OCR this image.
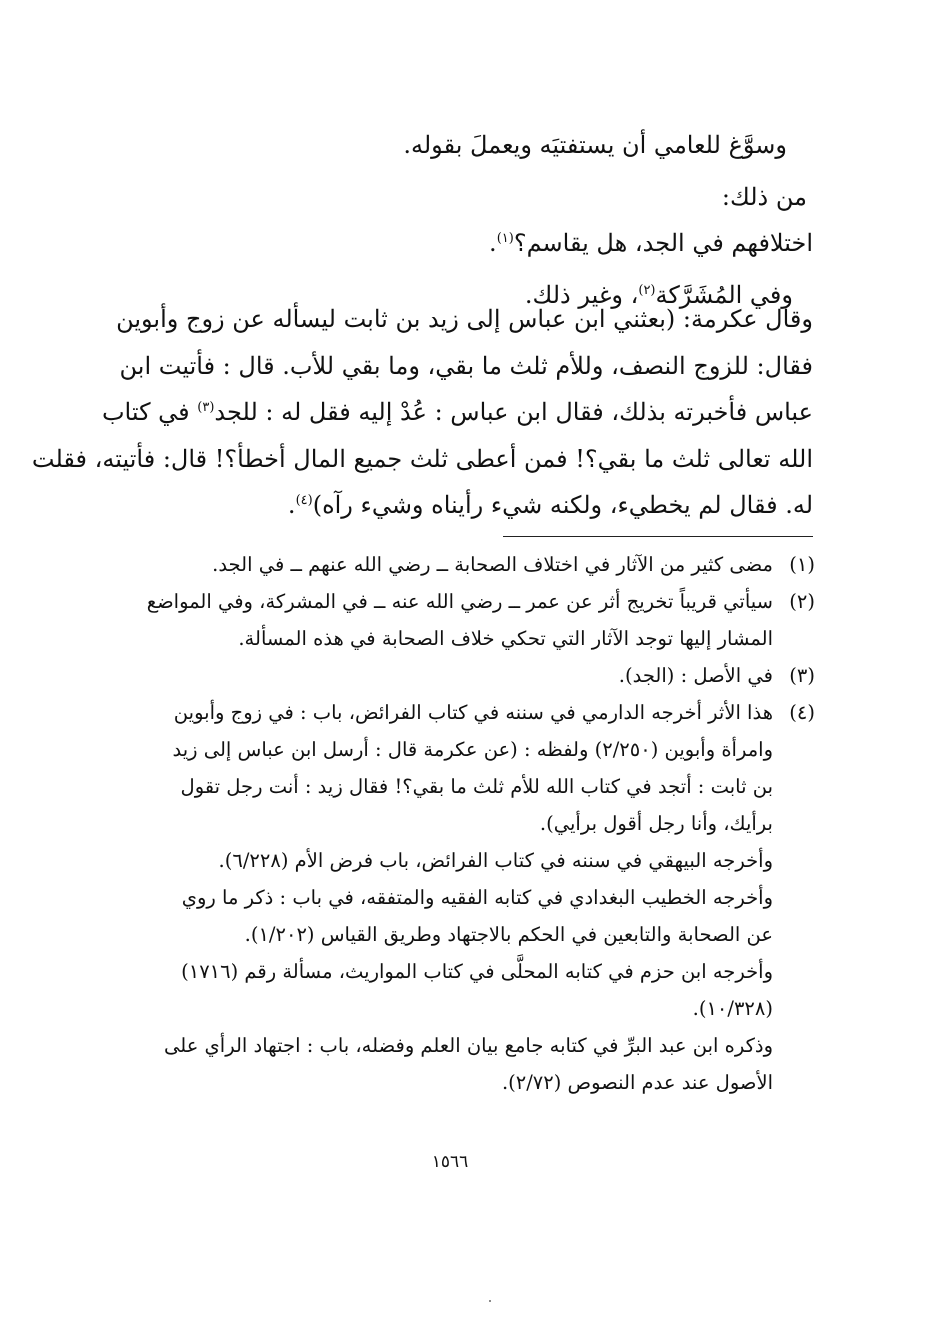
وسوَّغ للعامي أن يستفتيَه ويعملَ بقوله.

من ذلك:

اختلافهم في الجد، هل يقاسم؟$^{(١)}$.

وفي المُشَرَّكة$^{(٢)}$، وغير ذلك.

وقال عكرمة: (بعثني ابن عباس إلى زيد بن ثابت ليسأله عن زوج وأبوين
فقال: للزوج النصف، وللأم ثلث ما بقي، وما بقي للأب. قال : فأتيت ابن
عباس فأخبرته بذلك، فقال ابن عباس : عُدْ إليه فقل له : للجد$^{(٣)}$ في كتاب
الله تعالى ثلث ما بقي؟! فمن أعطى ثلث جميع المال أخطأ؟! قال: فأتيته، فقلت
له. فقال لم يخطيء، ولكنه شيء رأيناه وشيء رآه)$^{(٤)}$.
(١)
مضى كثير من الآثار في اختلاف الصحابة ــ رضي الله عنهم ــ في الجد.
(٢)
سيأتي قريباً تخريج أثر عن عمر ــ رضي الله عنه ــ في المشركة، وفي المواضع
المشار إليها توجد الآثار التي تحكي خلاف الصحابة في هذه المسألة.
(٣)
في الأصل : (الجد).
(٤)
هذا الأثر أخرجه الدارمي في سننه في كتاب الفرائض، باب : في زوج وأبوين
وامرأة وأبوين (٢/٢٥٠) ولفظه : (عن عكرمة قال : أرسل ابن عباس إلى زيد
بن ثابت : أتجد في كتاب الله للأم ثلث ما بقي؟! فقال زيد : أنت رجل تقول
برأيك، وأنا رجل أقول برأيي).
وأخرجه البيهقي في سننه في كتاب الفرائض، باب فرض الأم (٦/٢٢٨).
وأخرجه الخطيب البغدادي في كتابه الفقيه والمتفقه، في باب : ذكر ما روي
عن الصحابة والتابعين في الحكم بالاجتهاد وطريق القياس (١/٢٠٢).
وأخرجه ابن حزم في كتابه المحلَّى في كتاب المواريث، مسألة رقم (١٧١٦)
(١٠/٣٢٨).
وذكره ابن عبد البرِّ في كتابه جامع بيان العلم وفضله، باب : اجتهاد الرأي على
الأصول عند عدم النصوص (٢/٧٢).
١٥٦٦
